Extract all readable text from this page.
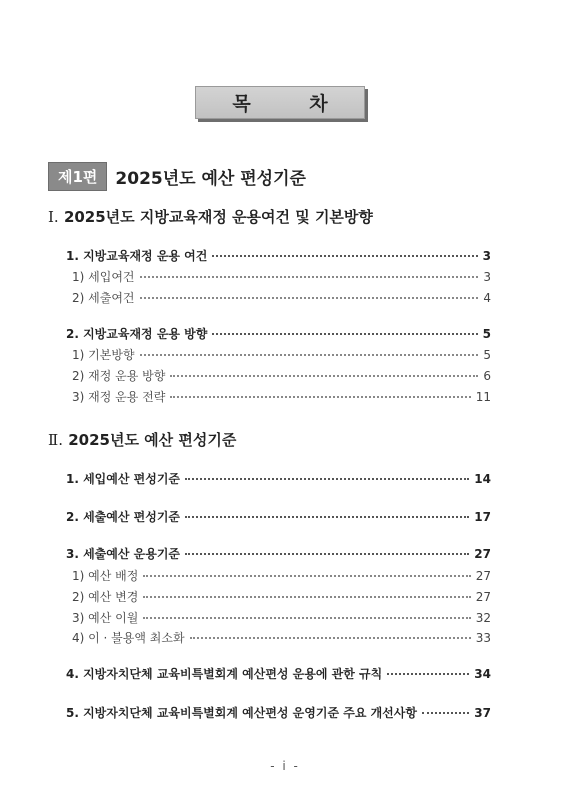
목 차
제1편	2025년도 예산 편성기준
Ⅰ. 2025년도 지방교육재정 운용여건 및 기본방향
1. 지방교육재정 운용 여건	3
1) 세입여건	3
2) 세출여건	4
2. 지방교육재정 운용 방향	5
1) 기본방향	5
2) 재정 운용 방향	6
3) 재정 운용 전략	11
Ⅱ. 2025년도 예산 편성기준
1. 세입예산 편성기준	14
2. 세출예산 편성기준	17
3. 세출예산 운용기준	27
1) 예산 배정	27
2) 예산 변경	27
3) 예산 이월	32
4) 이 · 불용액 최소화	33
4. 지방자치단체 교육비특별회계 예산편성 운용에 관한 규칙	34
5. 지방자치단체 교육비특별회계 예산편성 운영기준 주요 개선사항	37
- i -
